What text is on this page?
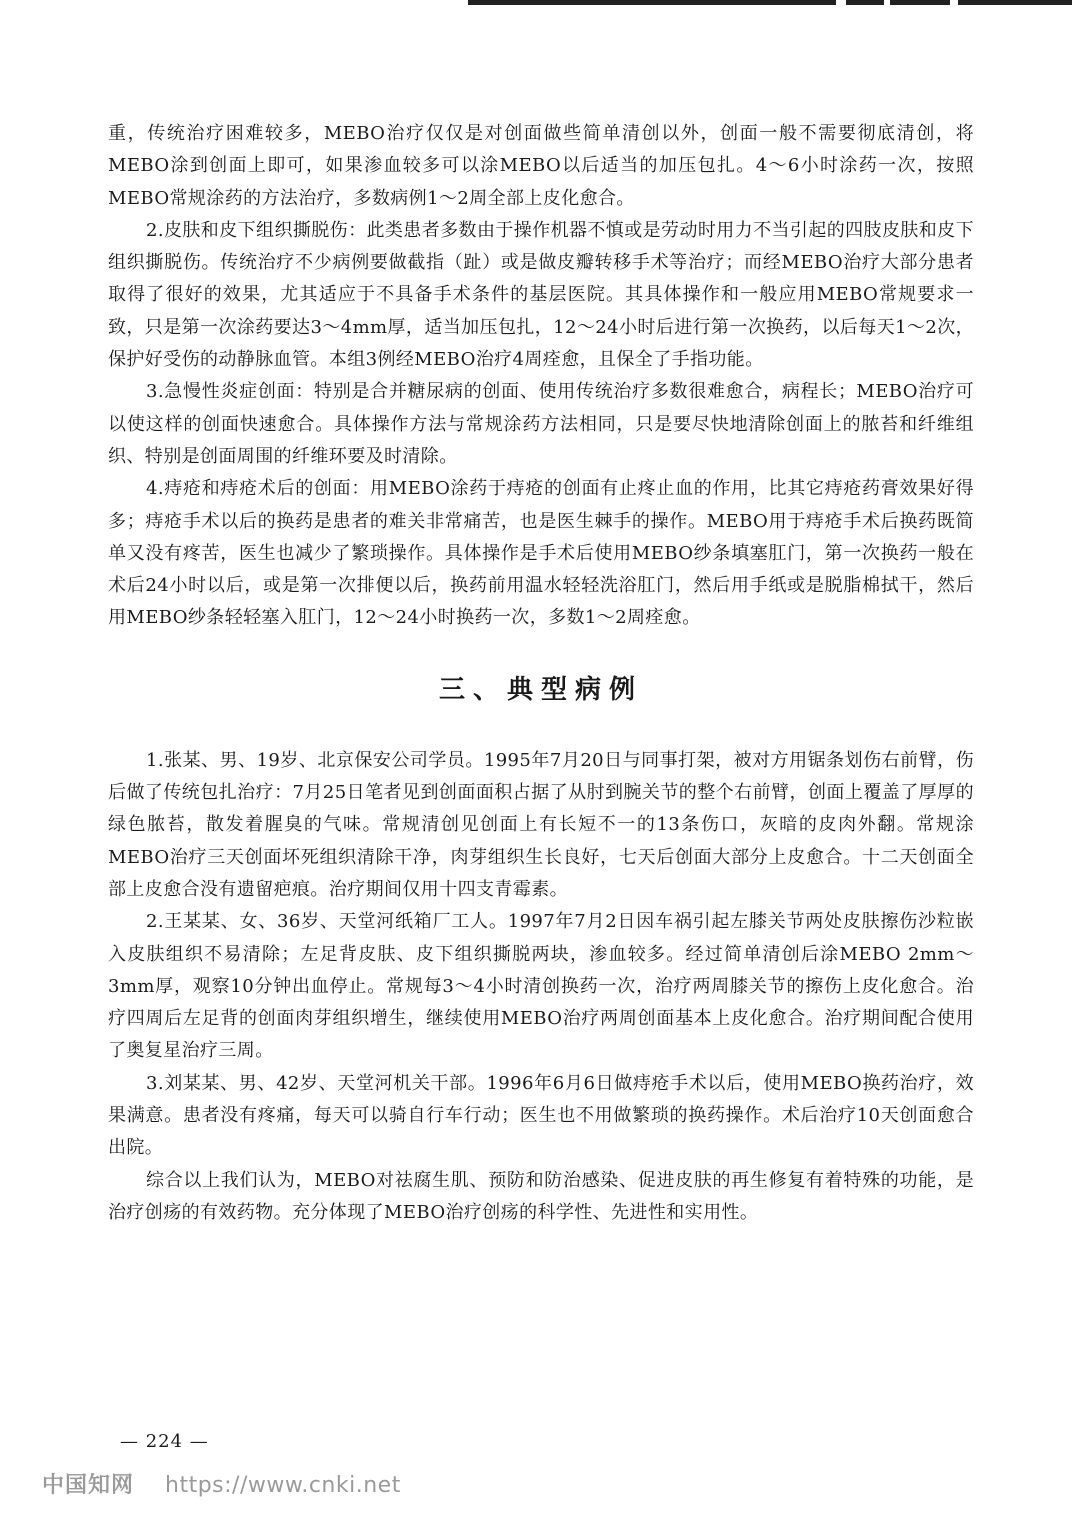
重，传统治疗困难较多，MEBO治疗仅仅是对创面做些简单清创以外，创面一般不需要彻底清创，将MEBO涂到创面上即可，如果渗血较多可以涂MEBO以后适当的加压包扎。4～6小时涂药一次，按照MEBO常规涂药的方法治疗，多数病例1～2周全部上皮化愈合。

2.皮肤和皮下组织撕脱伤：此类患者多数由于操作机器不慎或是劳动时用力不当引起的四肢皮肤和皮下组织撕脱伤。传统治疗不少病例要做截指（趾）或是做皮瓣转移手术等治疗；而经MEBO治疗大部分患者取得了很好的效果，尤其适应于不具备手术条件的基层医院。其具体操作和一般应用MEBO常规要求一致，只是第一次涂药要达3～4mm厚，适当加压包扎，12～24小时后进行第一次换药，以后每天1～2次，保护好受伤的动静脉血管。本组3例经MEBO治疗4周痊愈，且保全了手指功能。

3.急慢性炎症创面：特别是合并糖尿病的创面、使用传统治疗多数很难愈合，病程长；MEBO治疗可以使这样的创面快速愈合。具体操作方法与常规涂药方法相同，只是要尽快地清除创面上的脓苔和纤维组织、特别是创面周围的纤维环要及时清除。

4.痔疮和痔疮术后的创面：用MEBO涂药于痔疮的创面有止疼止血的作用，比其它痔疮药膏效果好得多；痔疮手术以后的换药是患者的难关非常痛苦，也是医生棘手的操作。MEBO用于痔疮手术后换药既简单又没有疼苦，医生也减少了繁琐操作。具体操作是手术后使用MEBO纱条填塞肛门，第一次换药一般在术后24小时以后，或是第一次排便以后，换药前用温水轻轻洗浴肛门，然后用手纸或是脱脂棉拭干，然后用MEBO纱条轻轻塞入肛门，12～24小时换药一次，多数1～2周痊愈。

三、典型病例

1.张某、男、19岁、北京保安公司学员。1995年7月20日与同事打架，被对方用锯条划伤右前臂，伤后做了传统包扎治疗：7月25日笔者见到创面面积占据了从肘到腕关节的整个右前臂，创面上覆盖了厚厚的绿色脓苔，散发着腥臭的气味。常规清创见创面上有长短不一的13条伤口，灰暗的皮肉外翻。常规涂MEBO治疗三天创面坏死组织清除干净，肉芽组织生长良好，七天后创面大部分上皮愈合。十二天创面全部上皮愈合没有遗留疤痕。治疗期间仅用十四支青霉素。

2.王某某、女、36岁、天堂河纸箱厂工人。1997年7月2日因车祸引起左膝关节两处皮肤擦伤沙粒嵌入皮肤组织不易清除；左足背皮肤、皮下组织撕脱两块，渗血较多。经过简单清创后涂MEBO 2mm～3mm厚，观察10分钟出血停止。常规每3～4小时清创换药一次，治疗两周膝关节的擦伤上皮化愈合。治疗四周后左足背的创面肉芽组织增生，继续使用MEBO治疗两周创面基本上皮化愈合。治疗期间配合使用了奥复星治疗三周。

3.刘某某、男、42岁、天堂河机关干部。1996年6月6日做痔疮手术以后，使用MEBO换药治疗，效果满意。患者没有疼痛，每天可以骑自行车行动；医生也不用做繁琐的换药操作。术后治疗10天创面愈合出院。

综合以上我们认为，MEBO对祛腐生肌、预防和防治感染、促进皮肤的再生修复有着特殊的功能，是治疗创疡的有效药物。充分体现了MEBO治疗创疡的科学性、先进性和实用性。

— 224 —
中国知网 https://www.cnki.net
